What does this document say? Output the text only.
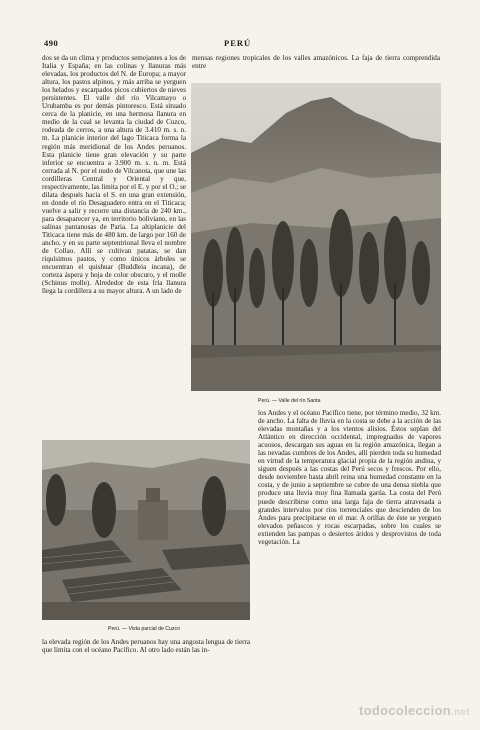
490	PERÚ

dos se da un clima y productos semejantes a los de Italia y España; en las colinas y llanuras más elevadas, los productos del N. de Europa; a mayor altura, los pastos alpinos, y más arriba se yerguen los helados y escarpados picos cubiertos de nieves persistentes. El valle del río Vilcamayo o Urubamba es por demás pintoresco. Está situado cerca de la planicie, en una hermosa llanura en medio de la cual se levanta la ciudad de Cuzco, rodeada de cerros, a una altura de 3.410 m. s. n. m. La planicie interior del lago Titicaca forma la región más meridional de los Andes peruanos. Esta planicie tiene gran elevación y su parte inferior se encuentra a 3.900 m. s. n. m. Está cerrada al N. por el nudo de Vilcanota, que une las cordilleras Central y Oriental y que, respectivamente, las limita por el E. y por el O.; se dilata después hacia el S. en una gran extensión, en donde el río Desaguadero entra en el Titicaca; vuelve a salir y recorre una distancia de 240 km., para desaparecer ya, en territorio boliviano, en las salinas pantanosas de Paria. La altiplanicie del Titicaca tiene más de 480 km. de largo por 160 de ancho, y en su parte septentrional lleva el nombre de Collao. Allí se cultivan patatas, se dan riquísimos pastos, y como únicos árboles se encuentran el quishuar (Buddleia incana), de corteza áspera y hoja de color obscuro, y el molle (Schinus molle). Alrededor de esta fría llanura llega la cordillera a su mayor altura. A un lado de

mensas regiones tropicales de los valles amazónicos. La faja de tierra comprendida entre

Perú. — Valle del río Santa

los Andes y el océano Pacífico tiene, por término medio, 32 km. de ancho. La falta de lluvia en la costa se debe a la acción de las elevadas montañas y a los vientos alisios. Éstos soplan del Atlántico en dirección occidental, impregnados de vapores acuosos, descargan sus aguas en la región amazónica, llegan a las nevadas cumbres de los Andes, allí pierden toda su humedad en virtud de la temperatura glacial propia de la región andina, y siguen después a las costas del Perú secos y frescos. Por ello, desde noviembre hasta abril reina una humedad constante en la costa, y de junio a septiembre se cubre de una densa niebla que produce una lluvia muy fina llamada garúa. La costa del Perú puede describirse como una larga faja de tierra atravesada a grandes intervalos por ríos torrenciales que descienden de los Andes para precipitarse en el mar. A orillas de éste se yerguen elevados peñascos y rocas escarpadas, sobre los cuales se extienden las pampas o desiertos áridos y desprovistos de toda vegetación. La

Perú. — Vista parcial de Cuzco

la elevada región de los Andes peruanos hay una angosta lengua de tierra que limita con el océano Pacífico. Al otro lado están las in-

todocoleccion.net
